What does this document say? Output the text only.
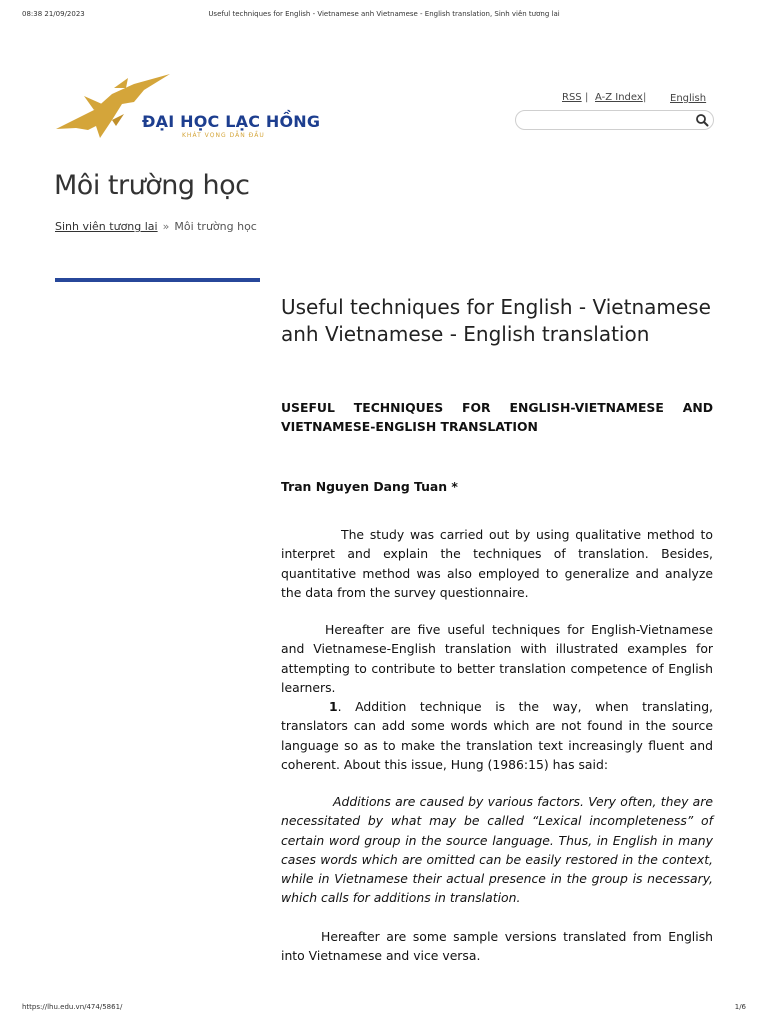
08:38 21/09/2023	Useful techniques for English - Vietnamese anh Vietnamese - English translation, Sinh viên tương lai
ĐẠI HỌC LẠC HỒNG
KHÁT VỌNG DẪN ĐẦU
RSS | A-Z Index | English
Môi trường học
Sinh viên tương lai » Môi trường học
Useful techniques for English - Vietnamese anh Vietnamese - English translation

USEFUL TECHNIQUES FOR ENGLISH-VIETNAMESE AND
VIETNAMESE-ENGLISH TRANSLATION

Tran Nguyen Dang Tuan *

The study was carried out by using qualitative method to interpret and explain the techniques of translation. Besides, quantitative method was also employed to generalize and analyze the data from the survey questionnaire.

Hereafter are five useful techniques for English-Vietnamese and Vietnamese-English translation with illustrated examples for attempting to contribute to better translation competence of English learners.

1. Addition technique is the way, when translating, translators can add some words which are not found in the source language so as to make the translation text increasingly fluent and coherent. About this issue, Hung (1986:15) has said:

Additions are caused by various factors. Very often, they are necessitated by what may be called “Lexical incompleteness” of certain word group in the source language. Thus, in English in many cases words which are omitted can be easily restored in the context, while in Vietnamese their actual presence in the group is necessary, which calls for additions in translation.

Hereafter are some sample versions translated from English into Vietnamese and vice versa.

https://lhu.edu.vn/474/5861/	1/6
